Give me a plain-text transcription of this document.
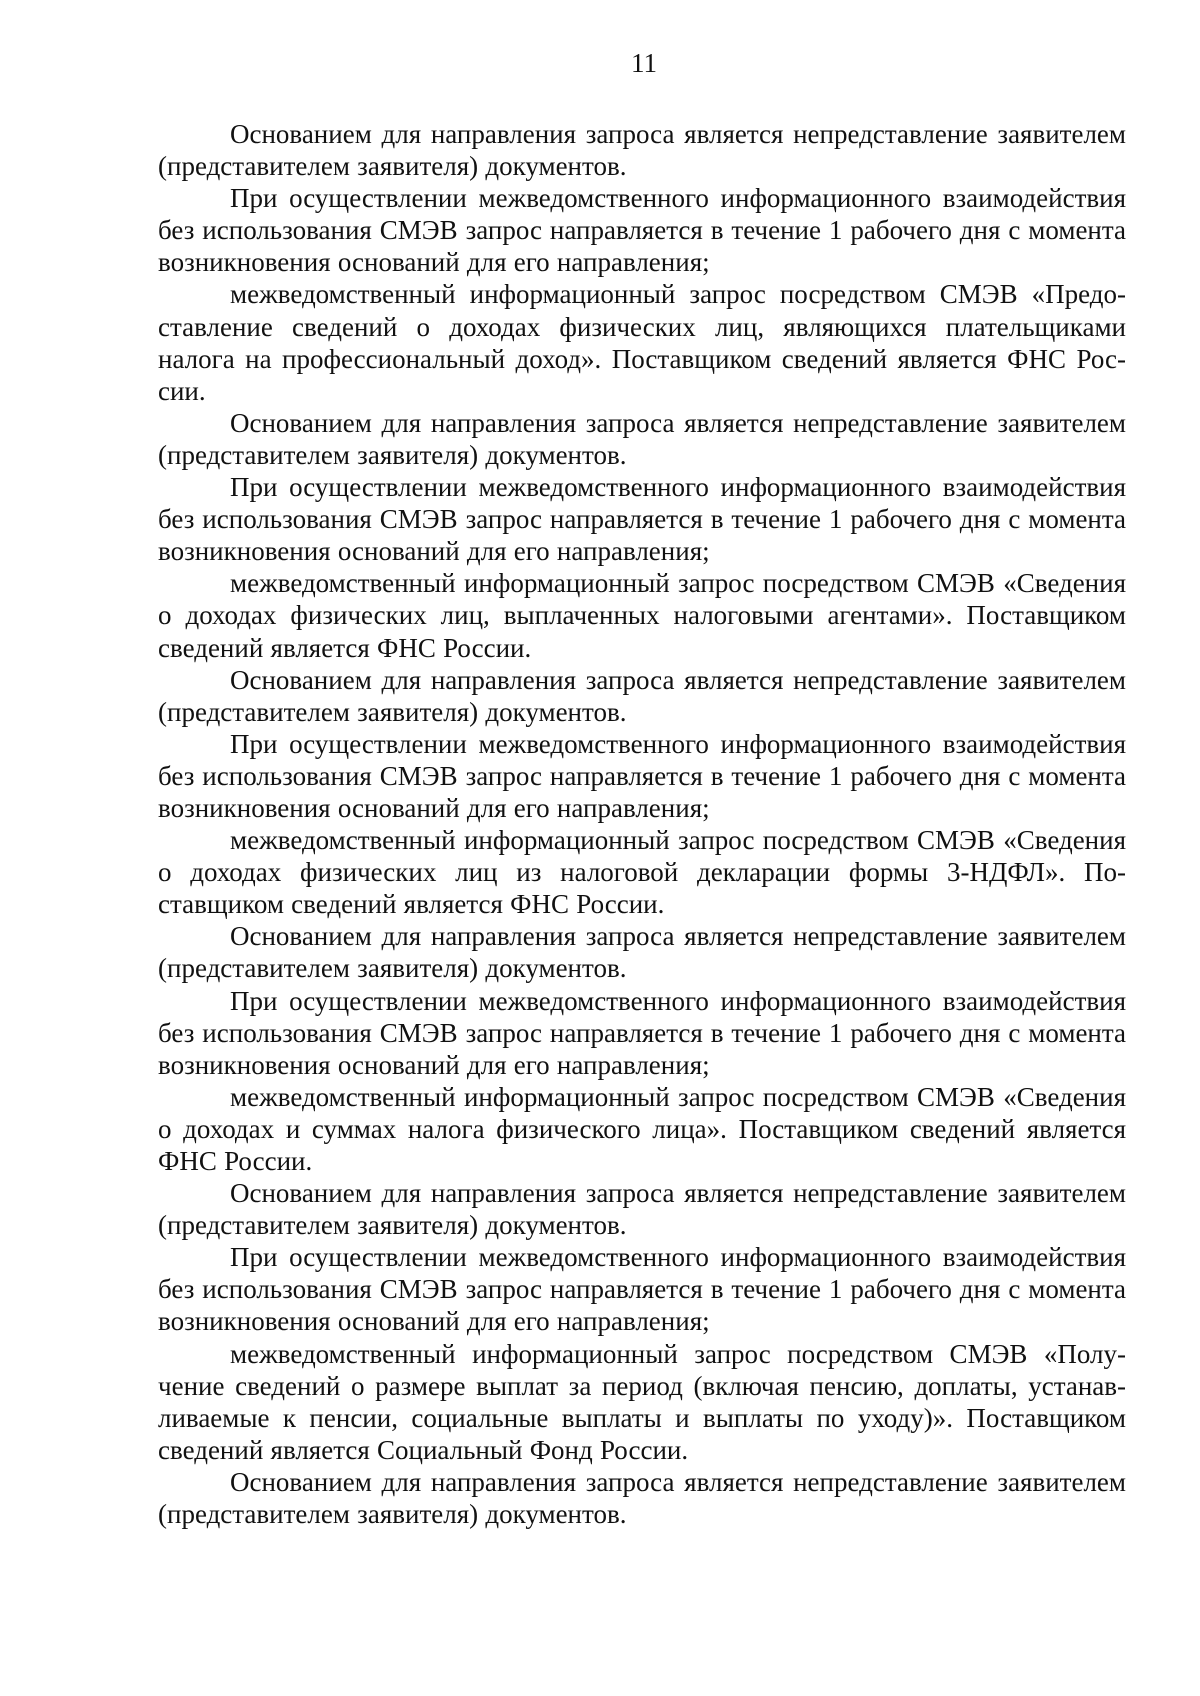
11

Основанием для направления запроса является непредставление заявителем (представителем заявителя) документов.

При осуществлении межведомственного информационного взаимодействия без использования СМЭВ запрос направляется в течение 1 рабочего дня с момента возникновения оснований для его направления;

межведомственный информационный запрос посредством СМЭВ «Предоставление сведений о доходах физических лиц, являющихся плательщиками налога на профессиональный доход». Поставщиком сведений является ФНС России.

Основанием для направления запроса является непредставление заявителем (представителем заявителя) документов.

При осуществлении межведомственного информационного взаимодействия без использования СМЭВ запрос направляется в течение 1 рабочего дня с момента возникновения оснований для его направления;

межведомственный информационный запрос посредством СМЭВ «Сведения о доходах физических лиц, выплаченных налоговыми агентами». Поставщиком сведений является ФНС России.

Основанием для направления запроса является непредставление заявителем (представителем заявителя) документов.

При осуществлении межведомственного информационного взаимодействия без использования СМЭВ запрос направляется в течение 1 рабочего дня с момента возникновения оснований для его направления;

межведомственный информационный запрос посредством СМЭВ «Сведения о доходах физических лиц из налоговой декларации формы 3-НДФЛ». Поставщиком сведений является ФНС России.

Основанием для направления запроса является непредставление заявителем (представителем заявителя) документов.

При осуществлении межведомственного информационного взаимодействия без использования СМЭВ запрос направляется в течение 1 рабочего дня с момента возникновения оснований для его направления;

межведомственный информационный запрос посредством СМЭВ «Сведения о доходах и суммах налога физического лица». Поставщиком сведений является ФНС России.

Основанием для направления запроса является непредставление заявителем (представителем заявителя) документов.

При осуществлении межведомственного информационного взаимодействия без использования СМЭВ запрос направляется в течение 1 рабочего дня с момента возникновения оснований для его направления;

межведомственный информационный запрос посредством СМЭВ «Получение сведений о размере выплат за период (включая пенсию, доплаты, устанавливаемые к пенсии, социальные выплаты и выплаты по уходу)». Поставщиком сведений является Социальный Фонд России.

Основанием для направления запроса является непредставление заявителем (представителем заявителя) документов.
